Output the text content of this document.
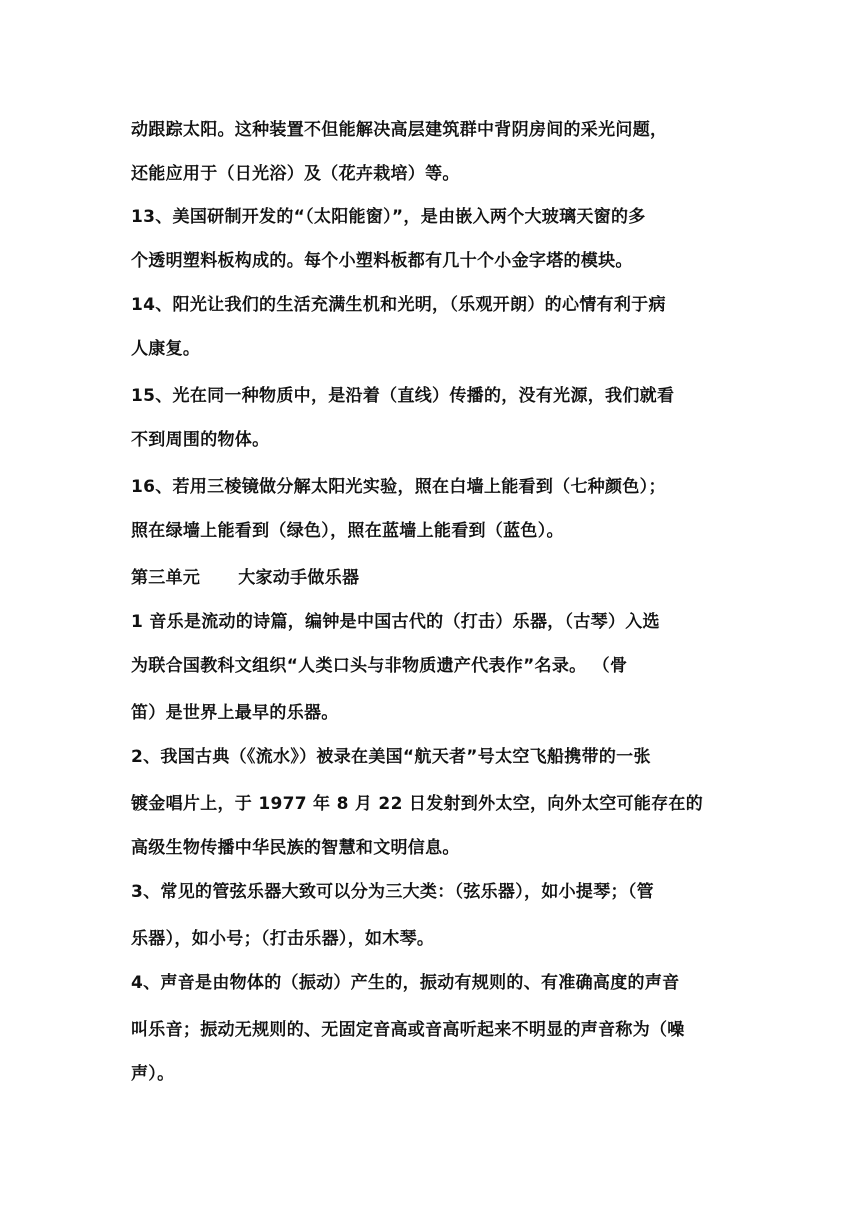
动跟踪太阳。这种装置不但能解决高层建筑群中背阴房间的采光问题，
还能应用于（日光浴）及（花卉栽培）等。
13、美国研制开发的“（太阳能窗）”，是由嵌入两个大玻璃天窗的多
个透明塑料板构成的。每个小塑料板都有几十个小金字塔的模块。
14、阳光让我们的生活充满生机和光明，（乐观开朗）的心情有利于病
人康复。
15、光在同一种物质中，是沿着（直线）传播的，没有光源，我们就看
不到周围的物体。
16、若用三棱镜做分解太阳光实验，照在白墙上能看到（七种颜色）；
照在绿墙上能看到（绿色），照在蓝墙上能看到（蓝色）。
第三单元 大家动手做乐器
1 音乐是流动的诗篇，编钟是中国古代的（打击）乐器，（古琴）入选
为联合国教科文组织“人类口头与非物质遗产代表作”名录。 （骨
笛）是世界上最早的乐器。
2、我国古典（《流水》）被录在美国“航天者”号太空飞船携带的一张
镀金唱片上，于 1977 年 8 月 22 日发射到外太空，向外太空可能存在的
高级生物传播中华民族的智慧和文明信息。
3、常见的管弦乐器大致可以分为三大类：（弦乐器），如小提琴；（管
乐器），如小号；（打击乐器），如木琴。
4、声音是由物体的（振动）产生的，振动有规则的、有准确高度的声音
叫乐音；振动无规则的、无固定音高或音高听起来不明显的声音称为（噪
声）。
